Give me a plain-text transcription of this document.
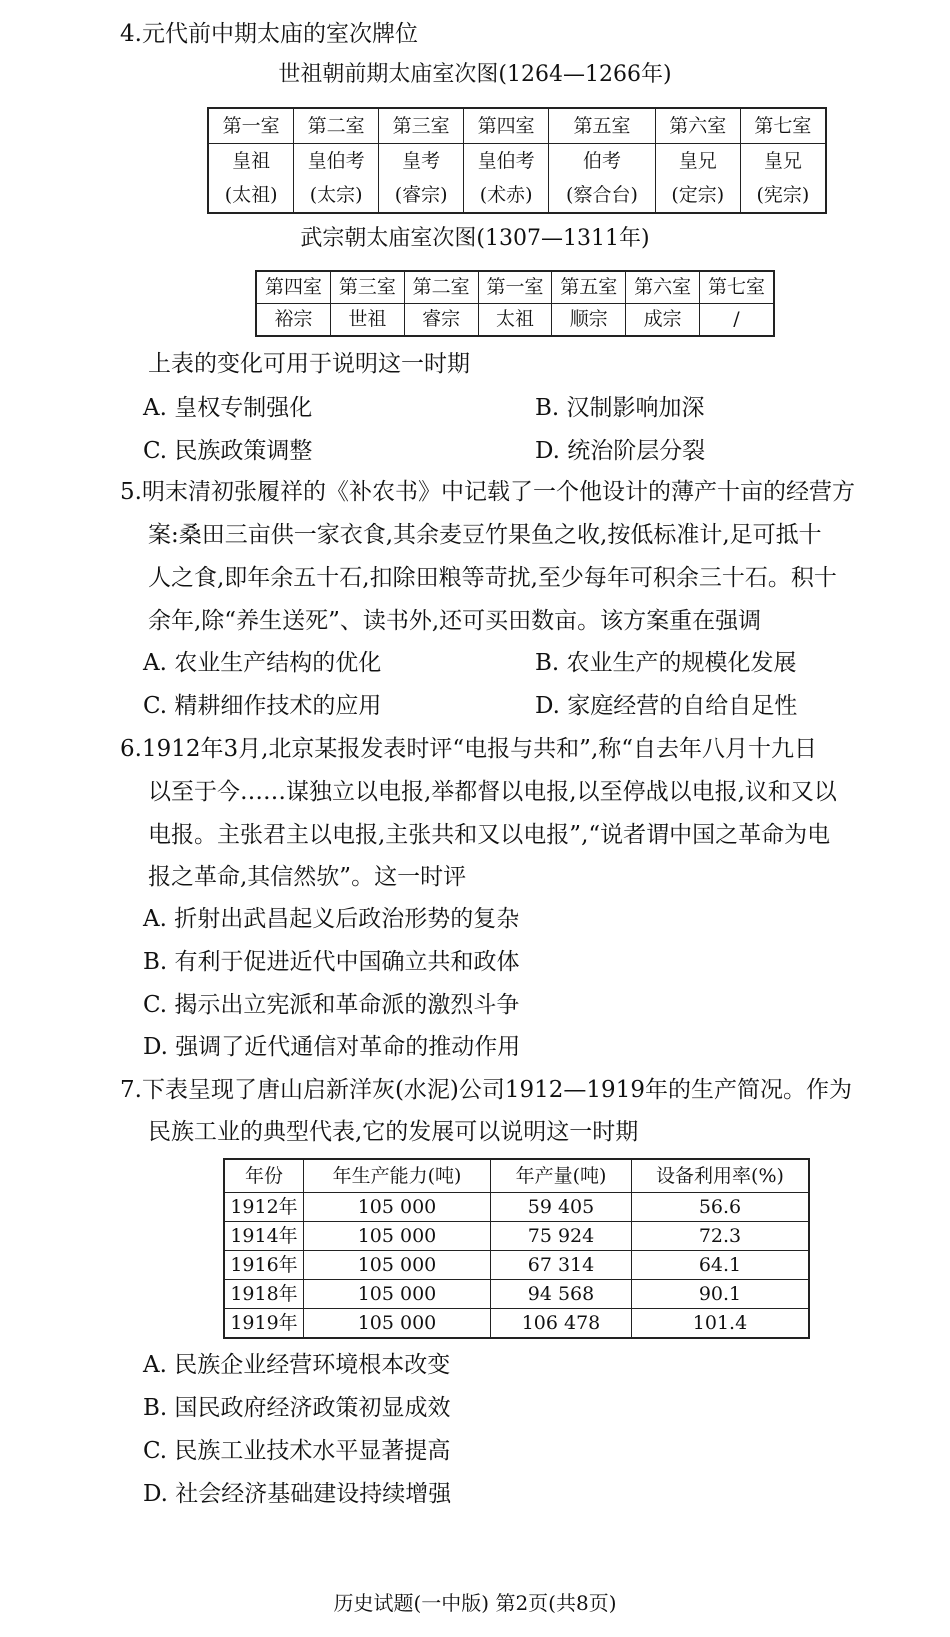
4.元代前中期太庙的室次牌位
世祖朝前期太庙室次图(1264—1266年)
第一室	第二室	第三室	第四室	第五室	第六室	第七室
皇祖	皇伯考	皇考	皇伯考	伯考	皇兄	皇兄
(太祖)	(太宗)	(睿宗)	(术赤)	(察合台)	(定宗)	(宪宗)
武宗朝太庙室次图(1307—1311年)
第四室	第三室	第二室	第一室	第五室	第六室	第七室
裕宗	世祖	睿宗	太祖	顺宗	成宗	/
上表的变化可用于说明这一时期
A. 皇权专制强化	B. 汉制影响加深
C. 民族政策调整	D. 统治阶层分裂
5.明末清初张履祥的《补农书》中记载了一个他设计的薄产十亩的经营方
案:桑田三亩供一家衣食,其余麦豆竹果鱼之收,按低标准计,足可抵十
人之食,即年余五十石,扣除田粮等苛扰,至少每年可积余三十石。积十
余年,除“养生送死”、读书外,还可买田数亩。该方案重在强调
A. 农业生产结构的优化	B. 农业生产的规模化发展
C. 精耕细作技术的应用	D. 家庭经营的自给自足性
6.1912年3月,北京某报发表时评“电报与共和”,称“自去年八月十九日
以至于今……谋独立以电报,举都督以电报,以至停战以电报,议和又以
电报。主张君主以电报,主张共和又以电报”,“说者谓中国之革命为电
报之革命,其信然欤”。这一时评
A. 折射出武昌起义后政治形势的复杂
B. 有利于促进近代中国确立共和政体
C. 揭示出立宪派和革命派的激烈斗争
D. 强调了近代通信对革命的推动作用
7.下表呈现了唐山启新洋灰(水泥)公司1912—1919年的生产简况。作为
民族工业的典型代表,它的发展可以说明这一时期
年份	年生产能力(吨)	年产量(吨)	设备利用率(%)
1912年	105 000	59 405	56.6
1914年	105 000	75 924	72.3
1916年	105 000	67 314	64.1
1918年	105 000	94 568	90.1
1919年	105 000	106 478	101.4
A. 民族企业经营环境根本改变
B. 国民政府经济政策初显成效
C. 民族工业技术水平显著提高
D. 社会经济基础建设持续增强
历史试题(一中版) 第2页(共8页)
